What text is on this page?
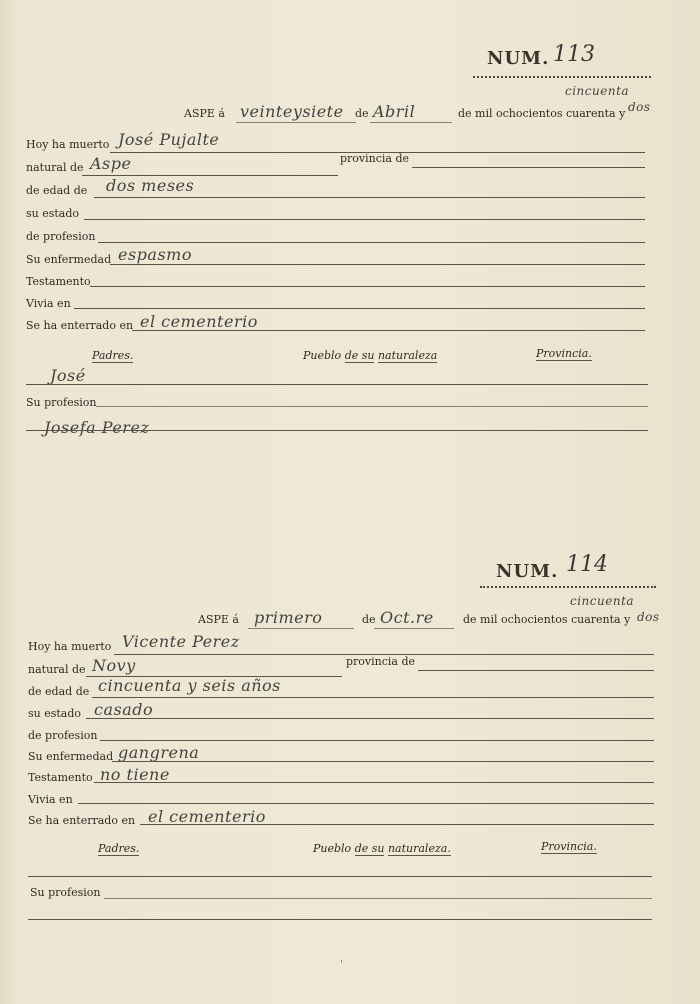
NUM. 113
ASPE á veinteysiete de Abril	de mil ochocientos cuarenta y
cincuenta
dos
Hoy ha muerto José Pujalte
natural de Aspe	provincia de
de edad de dos meses
su estado
de profesion
Su enfermedad espasmo
Testamento
Vivia en
Se ha enterrado en el cementerio
Padres.	Pueblo de su naturaleza	Provincia.
José
Su profesion
Josefa Perez
NUM. 114
ASPE á primero	de Oct.re	de mil ochocientos cuarenta y
cincuenta
dos
Hoy ha muerto Vicente Perez
natural de Novy	provincia de
de edad de cincuenta y seis años
su estado casado
de profesion
Su enfermedad gangrena
Testamento no tiene
Vivia en
Se ha enterrado en el cementerio
Padres.	Pueblo de su naturaleza.	Provincia.
Su profesion
ˈ
